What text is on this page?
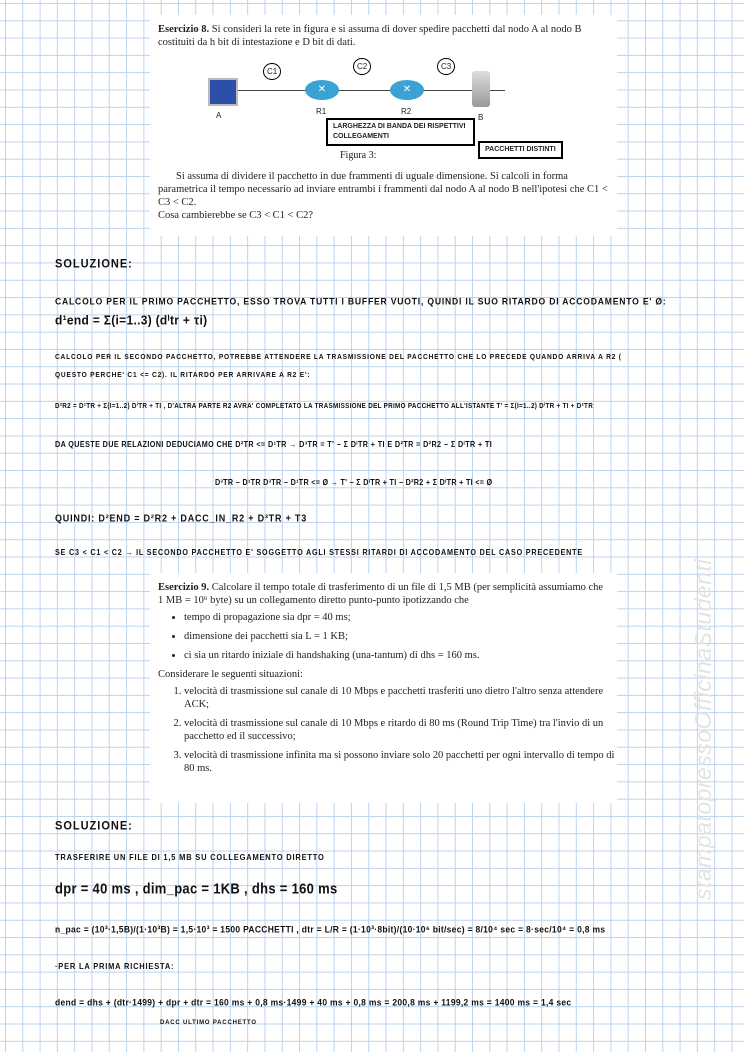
stampatopressoOfficinaStudenti

Esercizio 8. Si consideri la rete in figura e si assuma di dover spedire pacchetti dal nodo A al nodo B costituiti da h bit di intestazione e D bit di dati.

A
✕
R1
✕
R2
B
C1
C2	C3
LARGHEZZA DI BANDA DEI RISPETTIVI COLLEGAMENTI
PACCHETTI DISTINTI
Figura 3:

Si assuma di dividere il pacchetto in due frammenti di uguale dimensione. Si calcoli in forma parametrica il tempo necessario ad inviare entrambi i frammenti dal nodo A al nodo B nell'ipotesi che C1 < C3 < C2.

Cosa cambierebbe se C3 < C1 < C2?

SOLUZIONE:
CALCOLO PER IL PRIMO PACCHETTO, ESSO TROVA TUTTI I BUFFER VUOTI, QUINDI IL SUO RITARDO DI ACCODAMENTO E' Ø:
d¹end = Σ(i=1..3) (dⁱtr + τi)
CALCOLO PER IL SECONDO PACCHETTO, POTREBBE ATTENDERE LA TRASMISSIONE DEL PACCHETTO CHE LO PRECEDE QUANDO ARRIVA A R2 (
QUESTO PERCHE' C1 <= C2). IL RITARDO PER ARRIVARE A R2 E':
D²R2 = D¹TR + Σ(I=1..2) DⁱTR + ΤI , D'ALTRA PARTE R2 AVRA' COMPLETATO LA TRASMISSIONE DEL PRIMO PACCHETTO ALL'ISTANTE T' = Σ(I=1..2) DⁱTR + ΤI + D²TR
DA QUESTE DUE RELAZIONI DEDUCIAMO CHE D²TR <= D¹TR → D³TR = T' − Σ DⁱTR + ΤI E D²TR = D²R2 − Σ DⁱTR + ΤI
D³TR − D¹TR D³TR − D¹TR <= Ø → T' − Σ DⁱTR + ΤI − D²R2 + Σ DⁱTR + ΤI <= Ø
QUINDI: D²END = D²R2 + DACC_IN_R2 + D³TR + Τ3
SE C3 < C1 < C2 → IL SECONDO PACCHETTO E' SOGGETTO AGLI STESSI RITARDI DI ACCODAMENTO DEL CASO PRECEDENTE

Esercizio 9. Calcolare il tempo totale di trasferimento di un file di 1,5 MB (per semplicità assumiamo che 1 MB = 10⁶ byte) su un collegamento diretto punto-punto ipotizzando che

• tempo di propagazione sia dpr = 40 ms;
• dimensione dei pacchetti sia L = 1 KB;
• ci sia un ritardo iniziale di handshaking (una-tantum) di dhs = 160 ms.

Considerare le seguenti situazioni:

1. velocità di trasmissione sul canale di 10 Mbps e pacchetti trasferiti uno dietro l'altro senza attendere ACK;
2. velocità di trasmissione sul canale di 10 Mbps e ritardo di 80 ms (Round Trip Time) tra l'invio di un pacchetto ed il successivo;
3. velocità di trasmissione infinita ma si possono inviare solo 20 pacchetti per ogni intervallo di tempo di 80 ms.
SOLUZIONE:
TRASFERIRE UN FILE DI 1,5 MB SU COLLEGAMENTO DIRETTO
dpr = 40 ms , dim_pac = 1KB , dhs = 160 ms
n_pac = (10³·1,5B)/(1·10³B) = 1,5·10³ = 1500 PACCHETTI , dtr = L/R = (1·10³·8bit)/(10·10⁶ bit/sec) = 8/10⁴ sec = 8·sec/10⁴ = 0,8 ms
·PER LA PRIMA RICHIESTA:
dend = dhs + (dtr·1499) + dpr + dtr = 160 ms + 0,8 ms·1499 + 40 ms + 0,8 ms = 200,8 ms + 1199,2 ms = 1400 ms = 1,4 sec
DACC ULTIMO PACCHETTO
